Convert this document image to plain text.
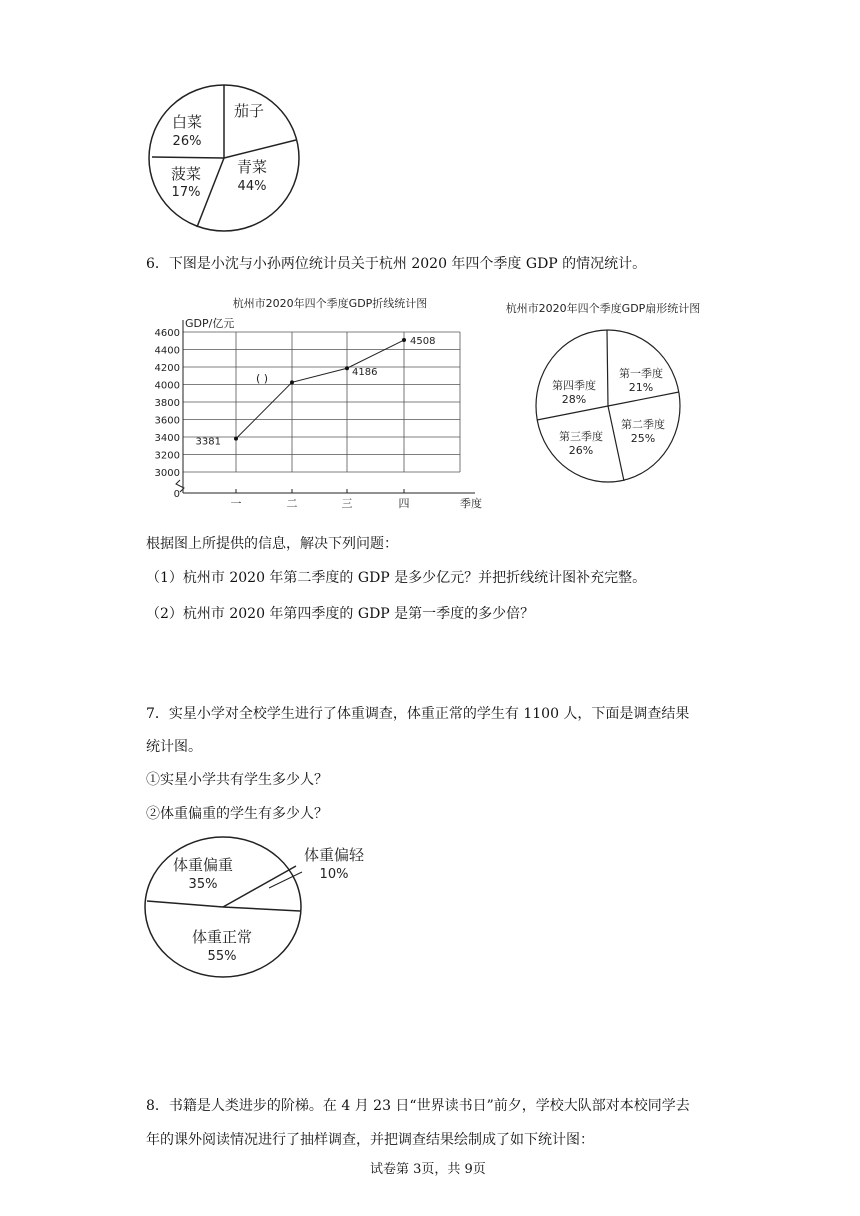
白菜
26%
茄子
青菜
44%
菠菜
17%
6．下图是小沈与小孙两位统计员关于杭州 2020 年四个季度 GDP 的情况统计。
杭州市2020年四个季度GDP折线统计图
GDP/亿元
季度
4600
4400
4200
4000
3800
3600
3400
3200
3000
0
一	二	三	四
( )
3381
4186
4508
杭州市2020年四个季度GDP扇形统计图
第一季度
21%
第二季度
25%
第三季度
26%
第四季度
28%
根据图上所提供的信息，解决下列问题：
（1）杭州市 2020 年第二季度的 GDP 是多少亿元？并把折线统计图补充完整。
（2）杭州市 2020 年第四季度的 GDP 是第一季度的多少倍？
7．实星小学对全校学生进行了体重调查，体重正常的学生有 1100 人，下面是调查结果
统计图。
①实星小学共有学生多少人？
②体重偏重的学生有多少人？
体重偏重
35%
体重偏轻
10%
体重正常
55%
8．书籍是人类进步的阶梯。在 4 月 23 日“世界读书日”前夕，学校大队部对本校同学去
年的课外阅读情况进行了抽样调查，并把调查结果绘制成了如下统计图：
试卷第 3页，共 9页
